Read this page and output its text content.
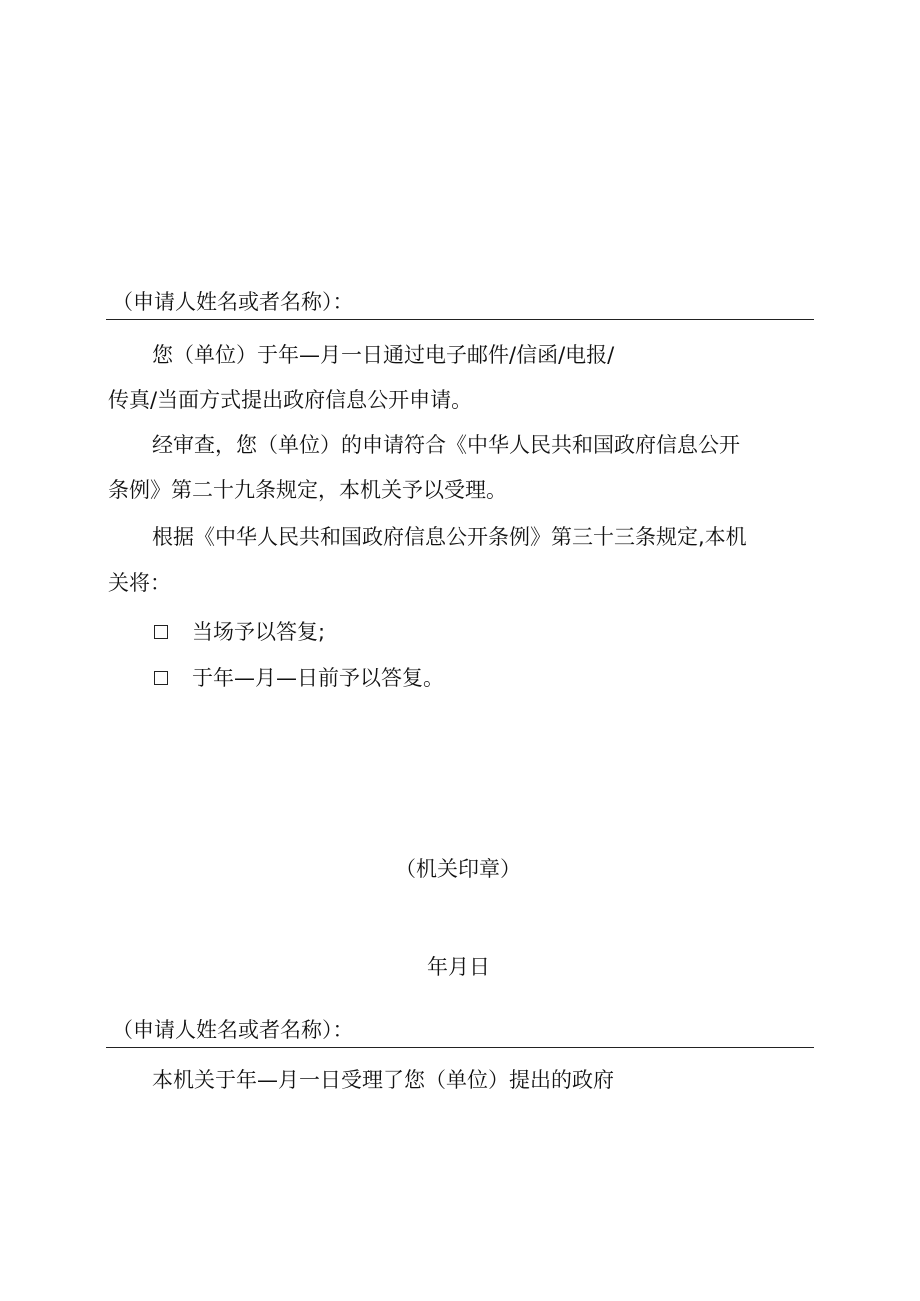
（申请人姓名或者名称）：
您（单位）于年—月一日通过电子邮件/信函/电报/
传真/当面方式提出政府信息公开申请。
经审查，您（单位）的申请符合《中华人民共和国政府信息公开
条例》第二十九条规定，本机关予以受理。
根据《中华人民共和国政府信息公开条例》第三十三条规定,本机
关将：
当场予以答复;
于年—月—日前予以答复。
（机关印章）
年月日
（申请人姓名或者名称）：
本机关于年—月一日受理了您（单位）提出的政府
